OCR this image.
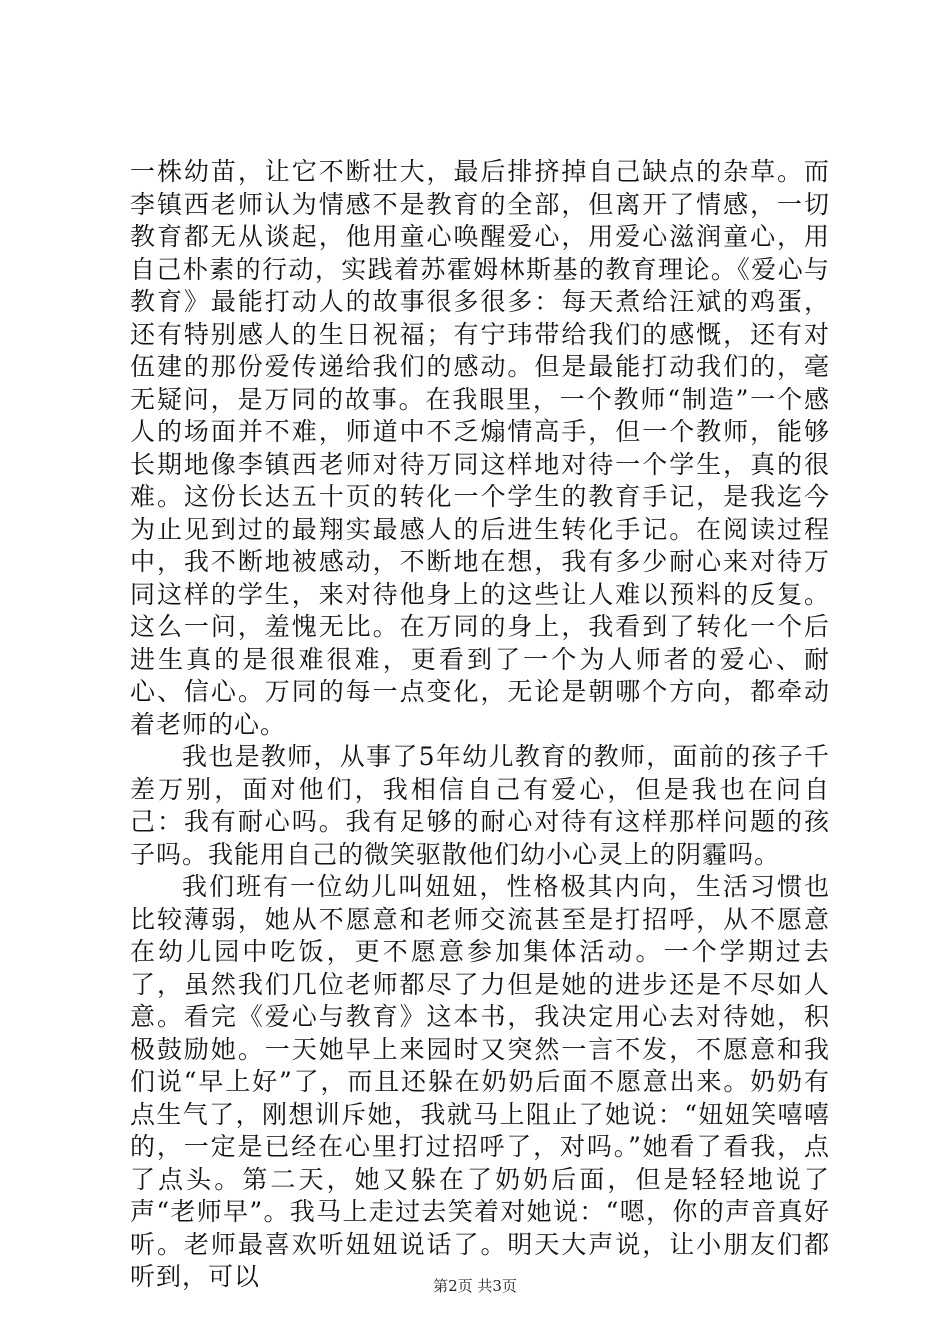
一株幼苗，让它不断壮大，最后排挤掉自己缺点的杂草。而李镇西老师认为情感不是教育的全部，但离开了情感，一切教育都无从谈起，他用童心唤醒爱心，用爱心滋润童心，用自己朴素的行动，实践着苏霍姆林斯基的教育理论。《爱心与教育》最能打动人的故事很多很多：每天煮给汪斌的鸡蛋，还有特别感人的生日祝福；有宁玮带给我们的感慨，还有对伍建的那份爱传递给我们的感动。但是最能打动我们的，毫无疑问，是万同的故事。在我眼里，一个教师“制造”一个感人的场面并不难，师道中不乏煽情高手，但一个教师，能够长期地像李镇西老师对待万同这样地对待一个学生，真的很难。这份长达五十页的转化一个学生的教育手记，是我迄今为止见到过的最翔实最感人的后进生转化手记。在阅读过程中，我不断地被感动，不断地在想，我有多少耐心来对待万同这样的学生，来对待他身上的这些让人难以预料的反复。这么一问，羞愧无比。在万同的身上，我看到了转化一个后进生真的是很难很难，更看到了一个为人师者的爱心、耐心、信心。万同的每一点变化，无论是朝哪个方向，都牵动着老师的心。

我也是教师，从事了5年幼儿教育的教师，面前的孩子千差万别，面对他们，我相信自己有爱心，但是我也在问自己：我有耐心吗。我有足够的耐心对待有这样那样问题的孩子吗。我能用自己的微笑驱散他们幼小心灵上的阴霾吗。

我们班有一位幼儿叫妞妞，性格极其内向，生活习惯也比较薄弱，她从不愿意和老师交流甚至是打招呼，从不愿意在幼儿园中吃饭，更不愿意参加集体活动。一个学期过去了，虽然我们几位老师都尽了力但是她的进步还是不尽如人意。看完《爱心与教育》这本书，我决定用心去对待她，积极鼓励她。一天她早上来园时又突然一言不发，不愿意和我们说“早上好”了，而且还躲在奶奶后面不愿意出来。奶奶有点生气了，刚想训斥她，我就马上阻止了她说：“妞妞笑嘻嘻的，一定是已经在心里打过招呼了，对吗。”她看了看我，点了点头。第二天，她又躲在了奶奶后面，但是轻轻地说了声“老师早”。我马上走过去笑着对她说：“嗯，你的声音真好听。老师最喜欢听妞妞说话了。明天大声说，让小朋友们都听到，可以	第2页 共3页
